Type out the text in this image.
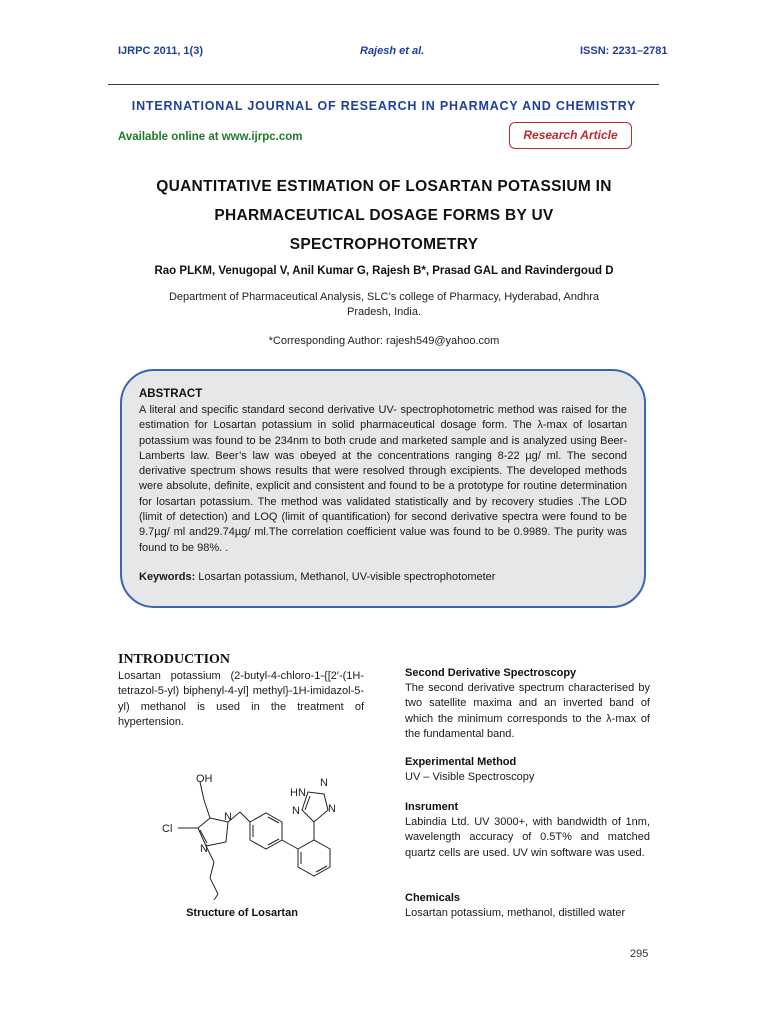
IJRPC 2011, 1(3)	Rajesh et al.	ISSN: 2231–2781
INTERNATIONAL JOURNAL OF RESEARCH IN PHARMACY AND CHEMISTRY
Available online at www.ijrpc.com	Research Article
QUANTITATIVE ESTIMATION OF LOSARTAN POTASSIUM IN
PHARMACEUTICAL DOSAGE FORMS BY UV
SPECTROPHOTOMETRY
Rao PLKM, Venugopal V, Anil Kumar G, Rajesh B*, Prasad GAL and Ravindergoud D
Department of Pharmaceutical Analysis, SLC’s college of Pharmacy, Hyderabad, Andhra Pradesh, India.
*Corresponding Author: rajesh549@yahoo.com
ABSTRACT
A literal and specific standard second derivative UV- spectrophotometric method was raised for the estimation for Losartan potassium in solid pharmaceutical dosage form. The λ-max of losartan potassium was found to be 234nm to both crude and marketed sample and is analyzed using Beer-Lamberts law. Beer’s law was obeyed at the concentrations ranging 8-22 µg/ ml. The second derivative spectrum shows results that were resolved through excipients. The developed methods were absolute, definite, explicit and consistent and found to be a prototype for routine determination for losartan potassium. The method was validated statistically and by recovery studies .The LOD (limit of detection) and LOQ (limit of quantification) for second derivative spectra were found to be 9.7µg/ ml and29.74µg/ ml.The correlation coefficient value was found to be 0.9989. The purity was found to be 98%. .
Keywords: Losartan potassium, Methanol, UV-visible spectrophotometer
INTRODUCTION
Losartan potassium (2-butyl-4-chloro-1-{[2′-(1H-tetrazol-5-yl) biphenyl-4-yl] methyl}-1H-imidazol-5-yl) methanol is used in the treatment of hypertension.
OH
Cl
N
N
HN
N
N
N
Structure of Losartan
Second Derivative Spectroscopy
The second derivative spectrum characterised by two satellite maxima and an inverted band of which the minimum corresponds to the λ-max of the fundamental band.
Experimental Method
UV – Visible Spectroscopy
Insrument
Labindia Ltd. UV 3000+, with bandwidth of 1nm, wavelength accuracy of 0.5T% and matched quartz cells are used. UV win software was used.
Chemicals
Losartan potassium, methanol, distilled water
295
